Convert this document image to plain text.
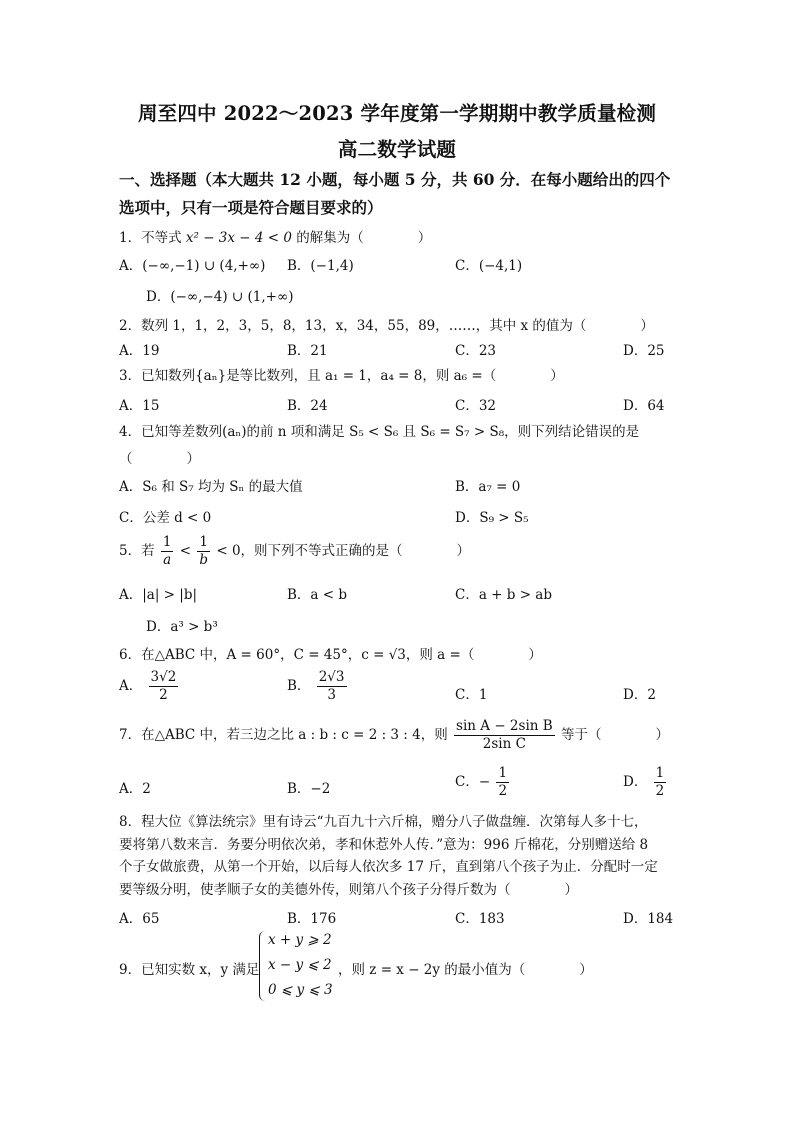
周至四中 2022～2023 学年度第一学期期中教学质量检测
高二数学试题
一、选择题（本大题共 12 小题，每小题 5 分，共 60 分．在每小题给出的四个
选项中，只有一项是符合题目要求的）
1．不等式 x² − 3x − 4 < 0 的解集为（　　　　）
A．(−∞,−1) ∪ (4,+∞) B．(−1,4)	C．(−4,1)
D．(−∞,−4) ∪ (1,+∞)
2．数列 1，1，2，3，5，8，13，x，34，55，89，……，其中 x 的值为（　　　　）
A．19	B．21	C．23	D．25
3．已知数列{aₙ}是等比数列，且 a₁ = 1，a₄ = 8，则 a₆ =（　　　　）
A．15	B．24	C．32	D．64
4．已知等差数列(aₙ)的前 n 项和满足 S₅ < S₆ 且 S₆ = S₇ > S₈，则下列结论错误的是
（　　　　）
A．S₆ 和 S₇ 均为 Sₙ 的最大值	B．a₇ = 0
C．公差 d < 0	D．S₉ > S₅
5．若 $\frac{1}{a} < \frac{1}{b} < 0$，则下列不等式正确的是（　　　　）
A．|a| > |b|	B．a < b	C．a + b > ab
D．a³ > b³
6．在△ABC 中，A = 60°，C = 45°，c = √3，则 a =（　　　　）
A． $\frac{3√2}{2}$	B． $\frac{2√3}{3}$	C．1	D．2
7．在△ABC 中，若三边之比 a : b : c = 2 : 3 : 4，则 $\frac{\text{sin A − 2sin B}}{\text{2sin C}}$ 等于（　　　　）
A．2	B．−2	C．− $\frac{1}{2}$	D． $\frac{1}{2}$
8．程大位《算法统宗》里有诗云“九百九十六斤棉，赠分八子做盘缠．次第每人多十七，
要将第八数来言．务要分明依次弟，孝和休惹外人传．”意为：996 斤棉花，分别赠送给 8
个子女做旅费，从第一个开始，以后每人依次多 17 斤，直到第八个孩子为止．分配时一定
要等级分明，使孝顺子女的美德外传，则第八个孩子分得斤数为（　　　　）
A．65	B．176	C．183	D．184
9．已知实数 x，y 满足
x + y ⩾ 2
x − y ⩽ 2
0 ⩽ y ⩽ 3
，则 z = x − 2y 的最小值为（　　　　）
